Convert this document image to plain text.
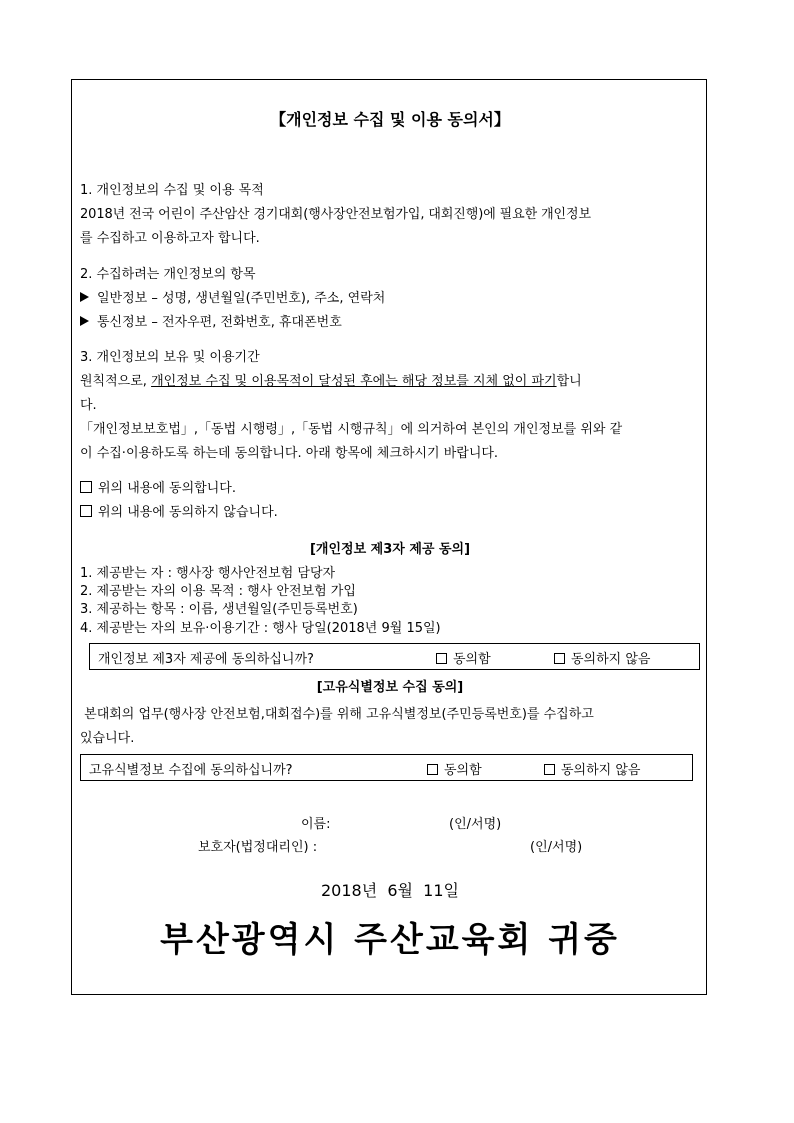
【개인정보 수집 및 이용 동의서】
1. 개인정보의 수집 및 이용 목적
2018년 전국 어린이 주산암산 경기대회(행사장안전보험가입, 대회진행)에 필요한 개인정보
를 수집하고 이용하고자 합니다.
2. 수집하려는 개인정보의 항목
일반정보 – 성명, 생년월일(주민번호), 주소, 연락처
통신정보 – 전자우편, 전화번호, 휴대폰번호
3. 개인정보의 보유 및 이용기간
원칙적으로, 개인정보 수집 및 이용목적이 달성된 후에는 해당 정보를 지체 없이 파기합니
다.
「개인정보보호법」,「동법 시행령」,「동법 시행규칙」에 의거하여 본인의 개인정보를 위와 같
이 수집·이용하도록 하는데 동의합니다. 아래 항목에 체크하시기 바랍니다.
위의 내용에 동의합니다.
위의 내용에 동의하지 않습니다.
[개인정보 제3자 제공 동의]
1. 제공받는 자 : 행사장 행사안전보험 담당자
2. 제공받는 자의 이용 목적 : 행사 안전보험 가입
3. 제공하는 항목 : 이름, 생년월일(주민등록번호)
4. 제공받는 자의 보유·이용기간 : 행사 당일(2018년 9월 15일)
개인정보 제3자 제공에 동의하십니까?	동의함	동의하지 않음
[고유식별정보 수집 동의]
본대회의 업무(행사장 안전보험,대회접수)를 위해 고유식별정보(주민등록번호)를 수집하고
있습니다.
고유식별정보 수집에 동의하십니까?	동의함	동의하지 않음
이름:	(인/서명)
보호자(법정대리인) :	(인/서명)
2018년  6월  11일
부산광역시 주산교육회 귀중
